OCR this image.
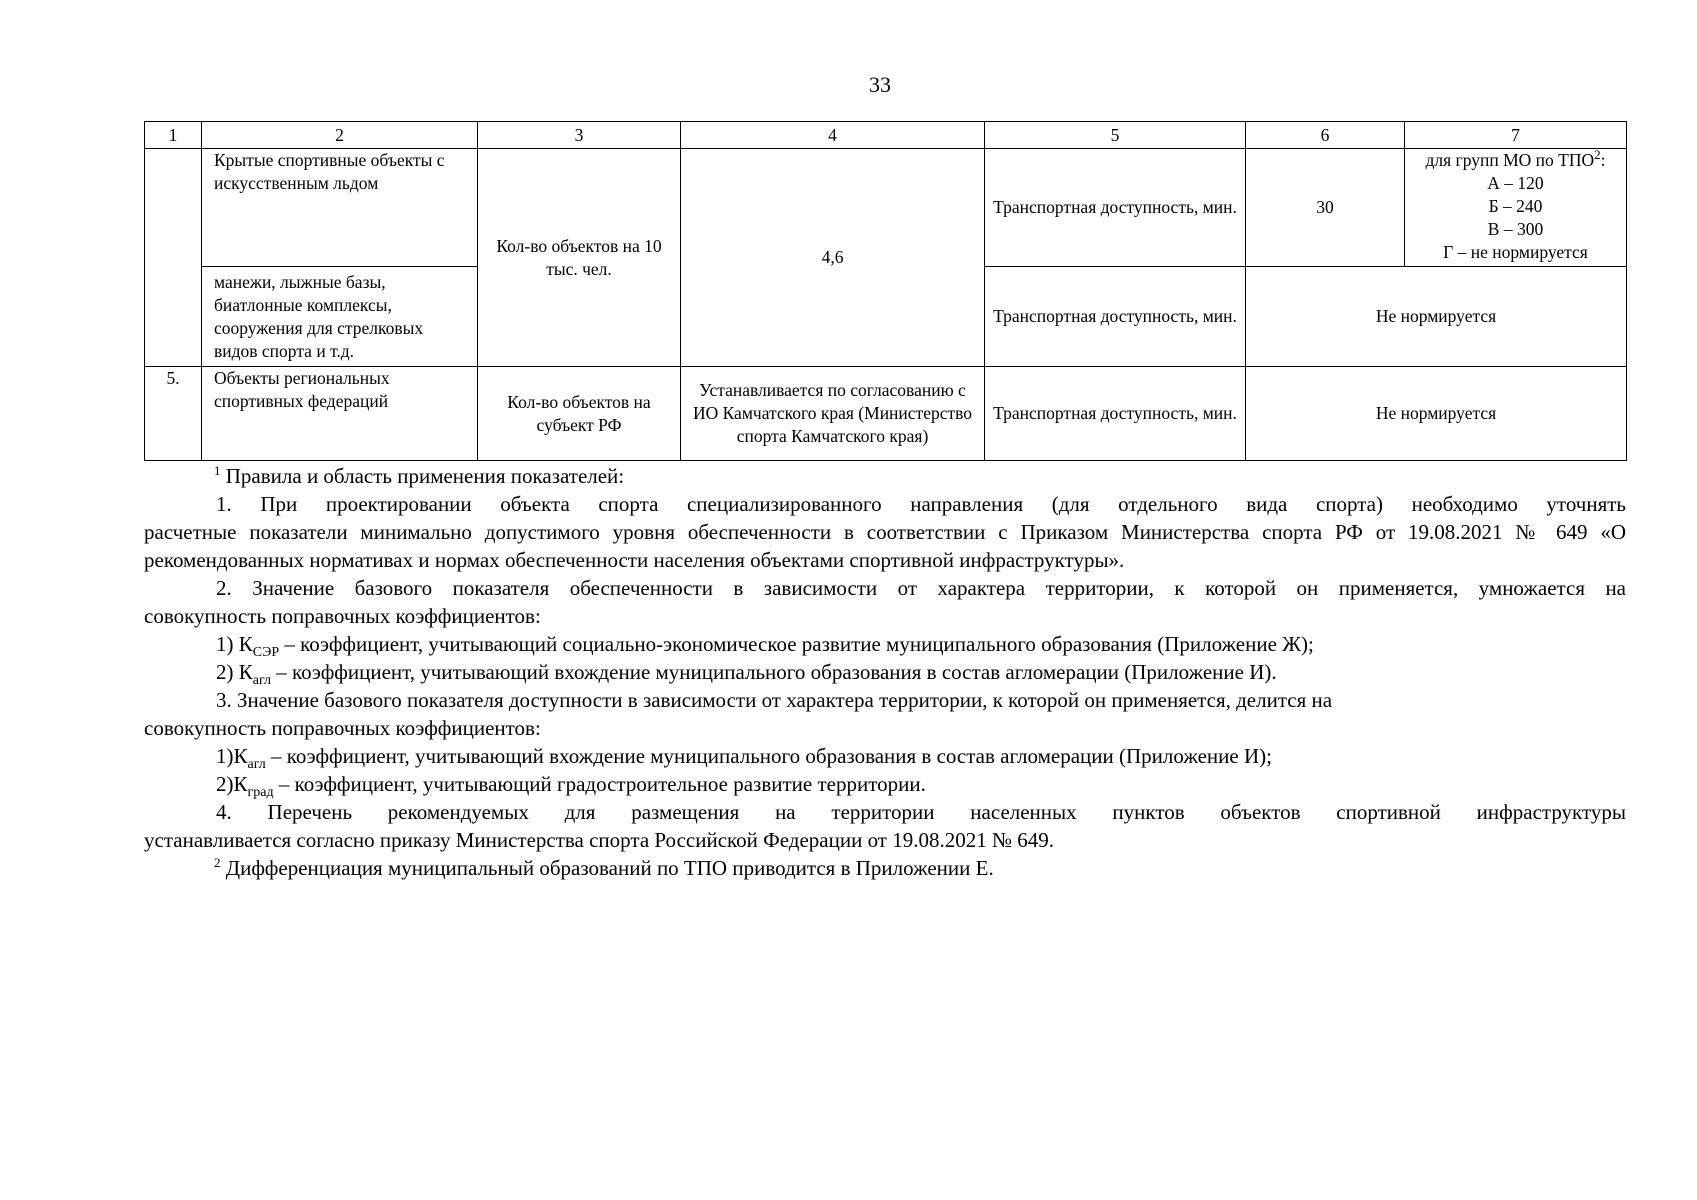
33
1	2	3	4	5	6	7
	Крытые спортивные объекты с искусственным льдом	Кол-во объектов на 10 тыс. чел.	4,6	Транспортная доступность, мин.	30	для групп МО по ТПО$^2$:
А – 120
Б – 240
В – 300
Г – не нормируется

	манежи, лыжные базы, биатлонные комплексы, сооружения для стрелковых видов спорта и т.д.			Транспортная доступность, мин.	Не нормируется	
5.	Объекты региональных спортивных федераций	Кол-во объектов на субъект РФ	Устанавливается по согласованию с ИО Камчатского края (Министерство спорта Камчатского края)	Транспортная доступность, мин.	Не нормируется	

$^1$ Правила и область применения показателей:

1. При проектировании объекта спорта специализированного направления (для отдельного вида спорта) необходимо уточнять

расчетные показатели минимально допустимого уровня обеспеченности в соответствии с Приказом Министерства спорта РФ от 19.08.2021 № 649 «О рекомендованных нормативах и нормах обеспеченности населения объектами спортивной инфраструктуры».

2. Значение базового показателя обеспеченности в зависимости от характера территории, к которой он применяется, умножается на

совокупность поправочных коэффициентов:

1) $К_{СЭР}$ – коэффициент, учитывающий социально-экономическое развитие муниципального образования (Приложение Ж);

2) $К_{агл}$ – коэффициент, учитывающий вхождение муниципального образования в состав агломерации (Приложение И).

3. Значение базового показателя доступности в зависимости от характера территории, к которой он применяется, делится на

совокупность поправочных коэффициентов:

$1)К_{агл}$ – коэффициент, учитывающий вхождение муниципального образования в состав агломерации (Приложение И);

$2)К_{град}$ – коэффициент, учитывающий градостроительное развитие территории.

4. Перечень рекомендуемых для размещения на территории населенных пунктов объектов спортивной инфраструктуры

устанавливается согласно приказу Министерства спорта Российской Федерации от 19.08.2021 № 649.

$^2$ Дифференциация муниципальный образований по ТПО приводится в Приложении Е.
